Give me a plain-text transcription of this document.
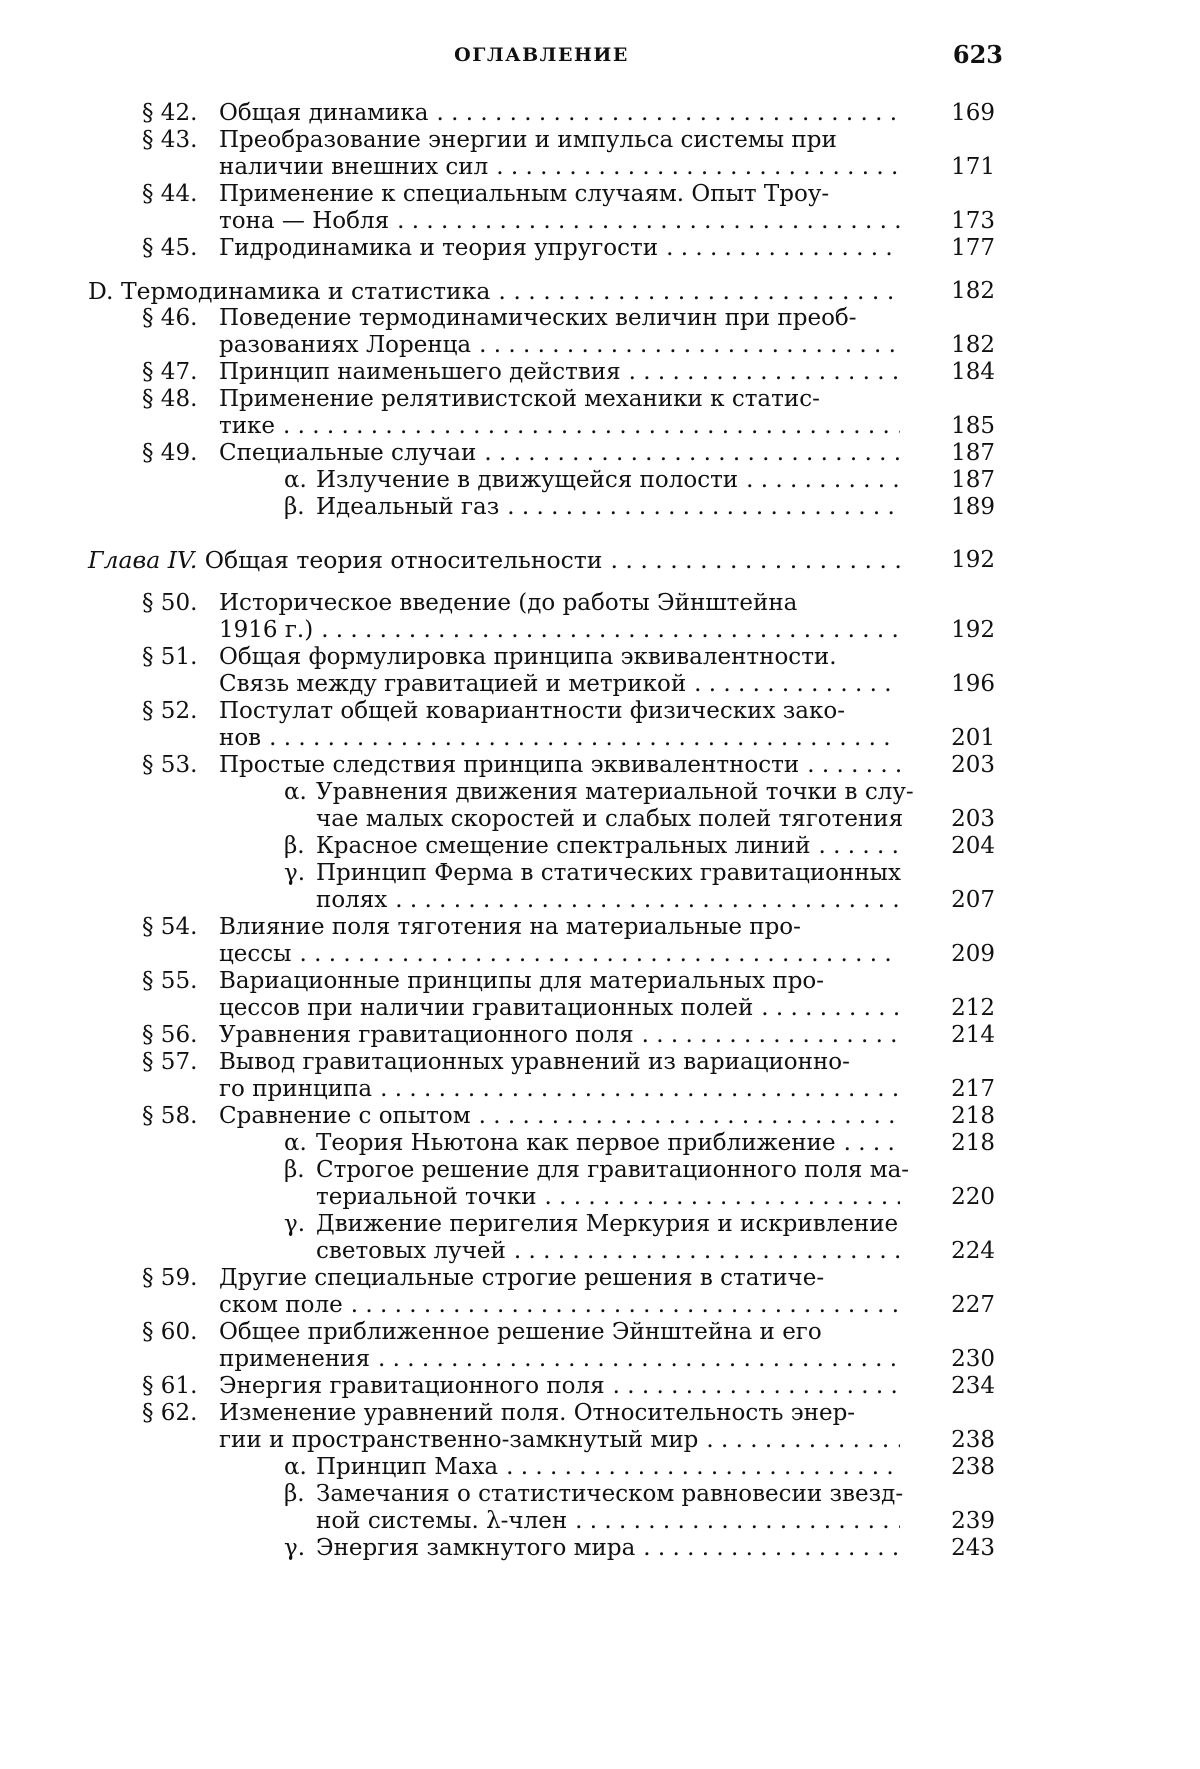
ОГЛАВЛЕНИЕ	623
§ 42. Общая динамика . . .	169
§ 43. Преобразование энергии и импульса системы при
наличии внешних сил . . .	171
§ 44. Применение к специальным случаям. Опыт Троу-
тона — Нобля . . .	173
§ 45. Гидродинамика и теория упругости . . .	177
D. Термодинамика и статистика . . .	182
§ 46. Поведение термодинамических величин при преоб-
разованиях Лоренца . . .	182
§ 47. Принцип наименьшего действия . . .	184
§ 48. Применение релятивистской механики к статис-
тике . . .	185
§ 49. Специальные случаи . . .	187
α. Излучение в движущейся полости . . .	187
β. Идеальный газ . . .	189
Глава IV. Общая теория относительности . . .	192
§ 50. Историческое введение (до работы Эйнштейна
1916 г.) . . .	192
§ 51. Общая формулировка принципа эквивалентности.
Связь между гравитацией и метрикой . . .	196
§ 52. Постулат общей ковариантности физических зако-
нов . . .	201
§ 53. Простые следствия принципа эквивалентности . . .	203
α. Уравнения движения материальной точки в слу-
чае малых скоростей и слабых полей тяготения	203
β. Красное смещение спектральных линий . . .	204
γ. Принцип Ферма в статических гравитационных
полях . . .	207
§ 54. Влияние поля тяготения на материальные про-
цессы . . .	209
§ 55. Вариационные принципы для материальных про-
цессов при наличии гравитационных полей . . .	212
§ 56. Уравнения гравитационного поля . . .	214
§ 57. Вывод гравитационных уравнений из вариационно-
го принципа . . .	217
§ 58. Сравнение с опытом . . .	218
α. Теория Ньютона как первое приближение . . .	218
β. Строгое решение для гравитационного поля ма-
териальной точки . . .	220
γ. Движение перигелия Меркурия и искривление
световых лучей . . .	224
§ 59. Другие специальные строгие решения в статиче-
ском поле . . .	227
§ 60. Общее приближенное решение Эйнштейна и его
применения . . .	230
§ 61. Энергия гравитационного поля . . .	234
§ 62. Изменение уравнений поля. Относительность энер-
гии и пространственно-замкнутый мир . . .	238
α. Принцип Маха . . .	238
β. Замечания о статистическом равновесии звезд-
ной системы. λ-член . . .	239
γ. Энергия замкнутого мира . . .	243
